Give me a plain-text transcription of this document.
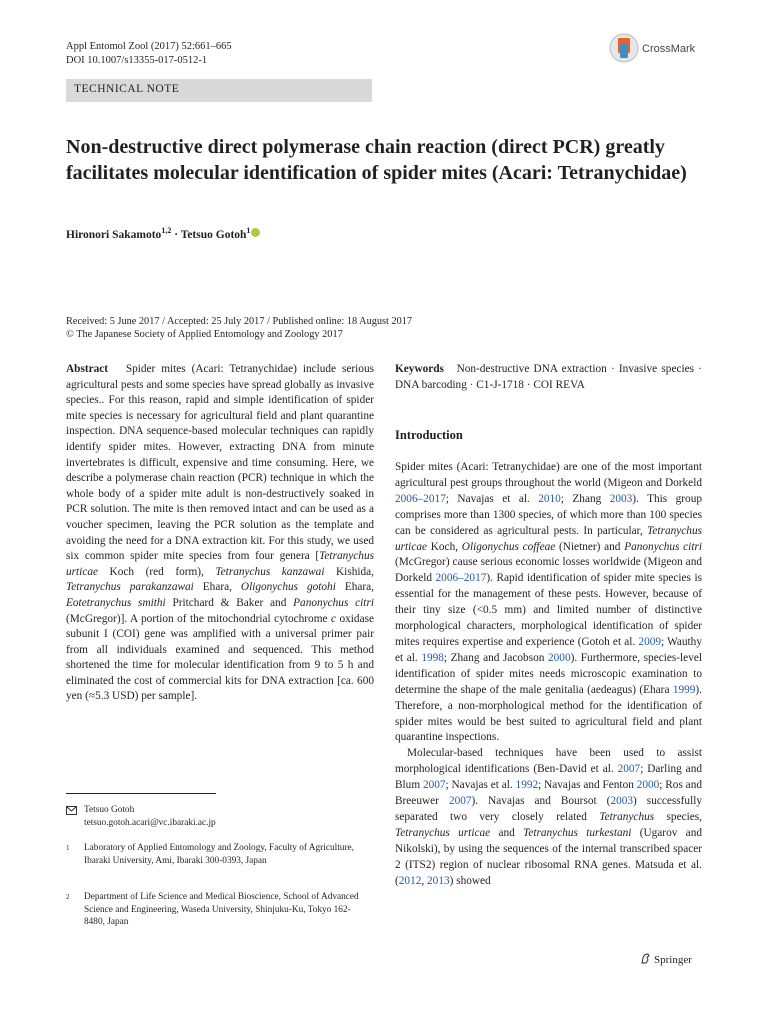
Appl Entomol Zool (2017) 52:661–665
DOI 10.1007/s13355-017-0512-1
CrossMark
TECHNICAL NOTE
Non-destructive direct polymerase chain reaction (direct PCR) greatly facilitates molecular identification of spider mites (Acari: Tetranychidae)
Hironori Sakamoto$^{1,2}$ · Tetsuo Gotoh$^1$
Received: 5 June 2017 / Accepted: 25 July 2017 / Published online: 18 August 2017
© The Japanese Society of Applied Entomology and Zoology 2017
Abstract Spider mites (Acari: Tetranychidae) include serious agricultural pests and some species have spread globally as invasive species.. For this reason, rapid and simple identification of spider mite species is necessary for agricultural field and plant quarantine inspection. DNA sequence-based molecular techniques can rapidly identify spider mites. However, extracting DNA from minute invertebrates is difficult, expensive and time consuming. Here, we describe a polymerase chain reaction (PCR) technique in which the whole body of a spider mite adult is non-destructively soaked in PCR solution. The mite is then removed intact and can be used as a voucher specimen, leaving the PCR solution as the template and avoiding the need for a DNA extraction kit. For this study, we used six common spider mite species from four genera [Tetranychus urticae Koch (red form), Tetranychus kanzawai Kishida, Tetranychus parakanzawai Ehara, Oligonychus gotohi Ehara, Eotetranychus smithi Pritchard & Baker and Panonychus citri (McGregor)]. A portion of the mitochondrial cytochrome c oxidase subunit I (COI) gene was amplified with a universal primer pair from all individuals examined and sequenced. This method shortened the time for molecular identification from 9 to 5 h and eliminated the cost of commercial kits for DNA extraction [ca. 600 yen (≈5.3 USD) per sample].
Keywords Non-destructive DNA extraction · Invasive species · DNA barcoding · C1-J-1718 · COI REVA
Introduction

Spider mites (Acari: Tetranychidae) are one of the most important agricultural pest groups throughout the world (Migeon and Dorkeld 2006–2017; Navajas et al. 2010; Zhang 2003). This group comprises more than 1300 species, of which more than 100 species can be considered as agricultural pests. In particular, Tetranychus urticae Koch, Oligonychus coffeae (Nietner) and Panonychus citri (McGregor) cause serious economic losses worldwide (Migeon and Dorkeld 2006–2017). Rapid identification of spider mite species is essential for the management of these pests. However, because of their tiny size (<0.5 mm) and limited number of distinctive morphological characters, morphological identification of spider mites requires expertise and experience (Gotoh et al. 2009; Wauthy et al. 1998; Zhang and Jacobson 2000). Furthermore, species-level identification of spider mites needs microscopic examination to determine the shape of the male genitalia (aedeagus) (Ehara 1999). Therefore, a non-morphological method for the identification of spider mites would be best suited to agricultural field and plant quarantine inspections.

Molecular-based techniques have been used to assist morphological identifications (Ben-David et al. 2007; Darling and Blum 2007; Navajas et al. 1992; Navajas and Fenton 2000; Ros and Breeuwer 2007). Navajas and Boursot (2003) successfully separated two very closely related Tetranychus species, Tetranychus urticae and Tetranychus turkestani (Ugarov and Nikolski), by using the sequences of the internal transcribed spacer 2 (ITS2) region of nuclear ribosomal RNA genes. Matsuda et al. (2012, 2013) showed

Tetsuo Gotoh
tetsuo.gotoh.acari@vc.ibaraki.ac.jp
1 Laboratory of Applied Entomology and Zoology, Faculty of Agriculture, Ibaraki University, Ami, Ibaraki 300-0393, Japan
2 Department of Life Science and Medical Bioscience, School of Advanced Science and Engineering, Waseda University, Shinjuku-Ku, Tokyo 162-8480, Japan
Springer
